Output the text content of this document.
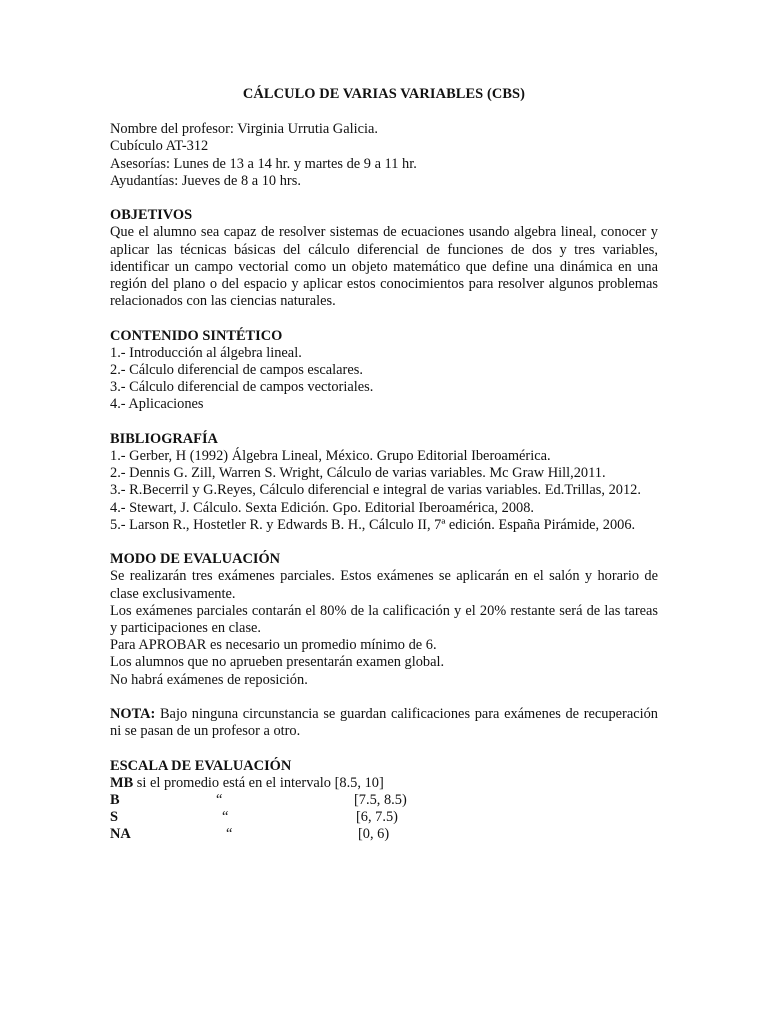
CÁLCULO DE VARIAS VARIABLES (CBS)
Nombre del profesor: Virginia Urrutia Galicia.
Cubículo AT-312
Asesorías: Lunes de 13 a 14 hr. y martes de 9 a 11 hr.
Ayudantías: Jueves de 8 a 10 hrs.
OBJETIVOS

Que el alumno sea capaz de resolver sistemas de ecuaciones usando algebra lineal, conocer y aplicar las técnicas básicas del cálculo diferencial de funciones de dos y tres variables, identificar un campo vectorial como un objeto matemático que define una dinámica en una región del plano o del espacio y aplicar estos conocimientos para resolver algunos problemas relacionados con las ciencias naturales.

CONTENIDO SINTÉTICO
1.- Introducción al álgebra lineal.
2.- Cálculo diferencial de campos escalares.
3.- Cálculo diferencial de campos vectoriales.
4.- Aplicaciones
BIBLIOGRAFÍA

1.- Gerber, H (1992) Álgebra Lineal, México. Grupo Editorial Iberoamérica.

2.- Dennis G. Zill, Warren S. Wright, Cálculo de varias variables. Mc Graw Hill,2011.

3.- R.Becerril y G.Reyes, Cálculo diferencial e integral de varias variables. Ed.Trillas, 2012.

4.- Stewart, J. Cálculo. Sexta Edición. Gpo. Editorial Iberoamérica, 2008.

5.- Larson R., Hostetler R. y Edwards B. H., Cálculo II, 7ª edición. España Pirámide, 2006.

MODO DE EVALUACIÓN

Se realizarán tres exámenes parciales. Estos exámenes se aplicarán en el salón y horario de clase exclusivamente.

Los exámenes parciales contarán el 80% de la calificación y el 20% restante será de las tareas y participaciones en clase.

Para APROBAR es necesario un promedio mínimo de 6.
Los alumnos que no aprueben presentarán examen global.
No habrá exámenes de reposición.

NOTA: Bajo ninguna circunstancia se guardan calificaciones para exámenes de recuperación ni se pasan de un profesor a otro.

ESCALA DE EVALUACIÓN
MB si el promedio está en el intervalo [8.5, 10]
B	“	[7.5, 8.5)
S	“	[6, 7.5)
NA	“	[0, 6)
